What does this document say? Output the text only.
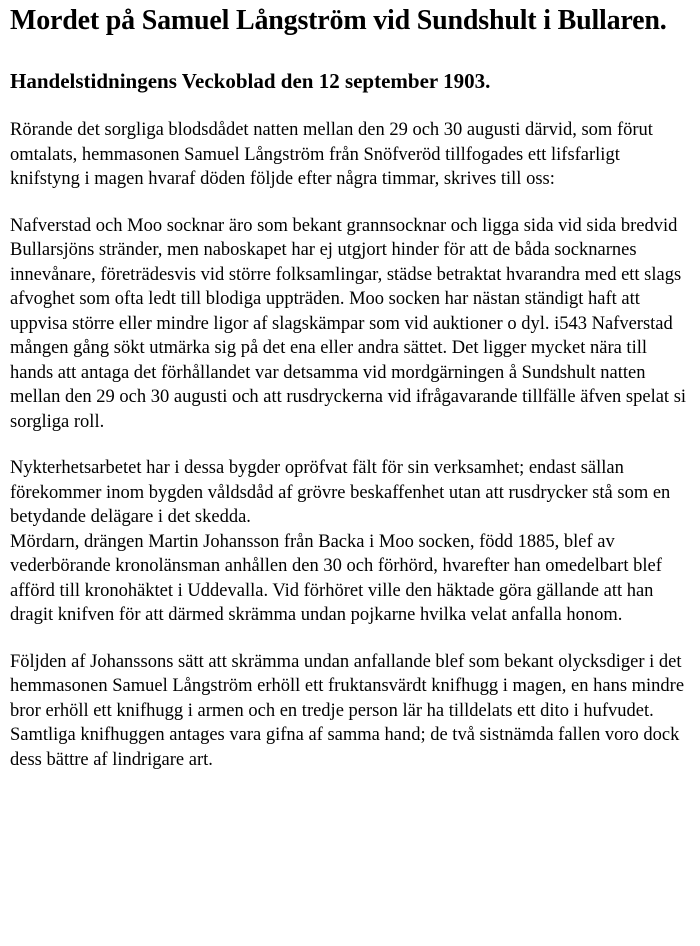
Mordet på Samuel Långström vid Sundshult i Bullaren.
Handelstidningens Veckoblad den 12 september 1903.

Rörande det sorgliga blodsdådet natten mellan den 29 och 30 augusti därvid, som förut omtalats, hemmasonen Samuel Långström från Snöfveröd tillfogades ett lifsfarligt knifstyng i magen hvaraf döden följde efter några timmar, skrives till oss:

Nafverstad och Moo socknar äro som bekant grannsocknar och ligga sida vid sida bredvid Bullarsjöns stränder, men naboskapet har ej utgjort hinder för att de båda socknarnes innevånare, företrädesvis vid större folksamlingar, städse betraktat hvarandra med ett slags afvoghet som ofta ledt till blodiga uppträden. Moo socken har nästan ständigt haft att uppvisa större eller mindre ligor af slagskämpar som vid auktioner o dyl. i543 Nafverstad mången gång sökt utmärka sig på det ena eller andra sättet. Det ligger mycket nära till hands att antaga det förhållandet var detsamma vid mordgärningen å Sundshult natten mellan den 29 och 30 augusti och att rusdryckerna vid ifrågavarande tillfälle äfven spelat si sorgliga roll.

Nykterhetsarbetet har i dessa bygder opröfvat fält för sin verksamhet; endast sällan förekommer inom bygden våldsdåd af grövre beskaffenhet utan att rusdrycker stå som en betydande delägare i det skedda.

Mördarn, drängen Martin Johansson från Backa i Moo socken, född 1885, blef av vederbörande kronolänsman anhållen den 30 och förhörd, hvarefter han omedelbart blef afförd till kronohäktet i Uddevalla. Vid förhöret ville den häktade göra gällande att han dragit knifven för att därmed skrämma undan pojkarne hvilka velat anfalla honom.

Följden af Johanssons sätt att skrämma undan anfallande blef som bekant olycksdiger i det hemmasonen Samuel Långström erhöll ett fruktansvärdt knifhugg i magen, en hans mindre bror erhöll ett knifhugg i armen och en tredje person lär ha tilldelats ett dito i hufvudet. Samtliga knifhuggen antages vara gifna af samma hand; de två sistnämda fallen voro dock dess bättre af lindrigare art.
